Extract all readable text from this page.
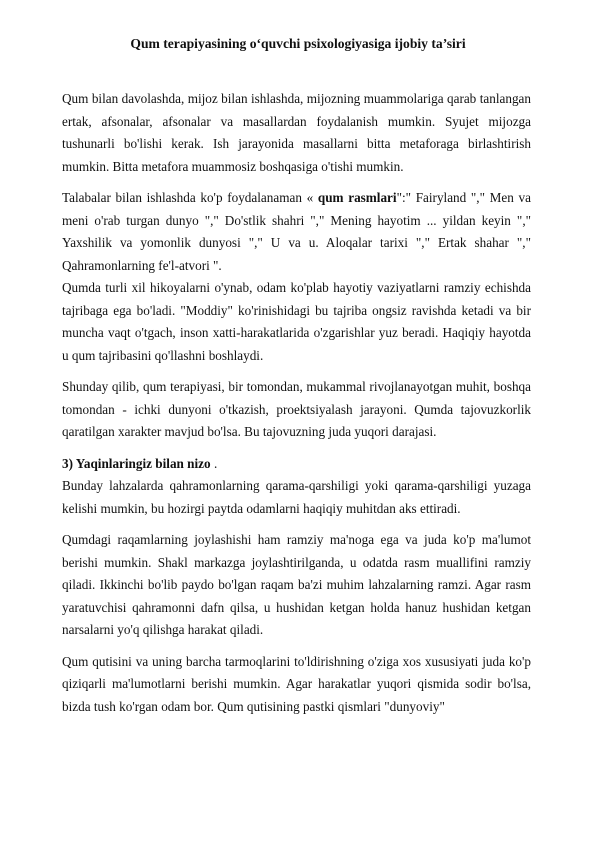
Qum terapiyasining o‘quvchi psixologiyasiga ijobiy ta’siri

Qum bilan davolashda, mijoz bilan ishlashda, mijozning muammolariga qarab tanlangan ertak, afsonalar, afsonalar va masallardan foydalanish mumkin. Syujet mijozga tushunarli bo'lishi kerak. Ish jarayonida masallarni bitta metaforaga birlashtirish mumkin. Bitta metafora muammosiz boshqasiga o'tishi mumkin.

Talabalar bilan ishlashda ko'p foydalanaman « qum rasmlari":" Fairyland "," Men va meni o'rab turgan dunyo "," Do'stlik shahri "," Mening hayotim ... yildan keyin "," Yaxshilik va yomonlik dunyosi "," U va u. Aloqalar tarixi "," Ertak shahar "," Qahramonlarning fe'l-atvori ".

Qumda turli xil hikoyalarni o'ynab, odam ko'plab hayotiy vaziyatlarni ramziy echishda tajribaga ega bo'ladi. "Moddiy" ko'rinishidagi bu tajriba ongsiz ravishda ketadi va bir muncha vaqt o'tgach, inson xatti-harakatlarida o'zgarishlar yuz beradi. Haqiqiy hayotda u qum tajribasini qo'llashni boshlaydi.

Shunday qilib, qum terapiyasi, bir tomondan, mukammal rivojlanayotgan muhit, boshqa tomondan - ichki dunyoni o'tkazish, proektsiyalash jarayoni. Qumda tajovuzkorlik qaratilgan xarakter mavjud bo'lsa. Bu tajovuzning juda yuqori darajasi.

3) Yaqinlaringiz bilan nizo .

Bunday lahzalarda qahramonlarning qarama-qarshiligi yoki qarama-qarshiligi yuzaga kelishi mumkin, bu hozirgi paytda odamlarni haqiqiy muhitdan aks ettiradi.

Qumdagi raqamlarning joylashishi ham ramziy ma'noga ega va juda ko'p ma'lumot berishi mumkin. Shakl markazga joylashtirilganda, u odatda rasm muallifini ramziy qiladi. Ikkinchi bo'lib paydo bo'lgan raqam ba'zi muhim lahzalarning ramzi. Agar rasm yaratuvchisi qahramonni dafn qilsa, u hushidan ketgan holda hanuz hushidan ketgan narsalarni yo'q qilishga harakat qiladi.

Qum qutisini va uning barcha tarmoqlarini to'ldirishning o'ziga xos xususiyati juda ko'p qiziqarli ma'lumotlarni berishi mumkin. Agar harakatlar yuqori qismida sodir bo'lsa, bizda tush ko'rgan odam bor. Qum qutisining pastki qismlari "dunyoviy"
